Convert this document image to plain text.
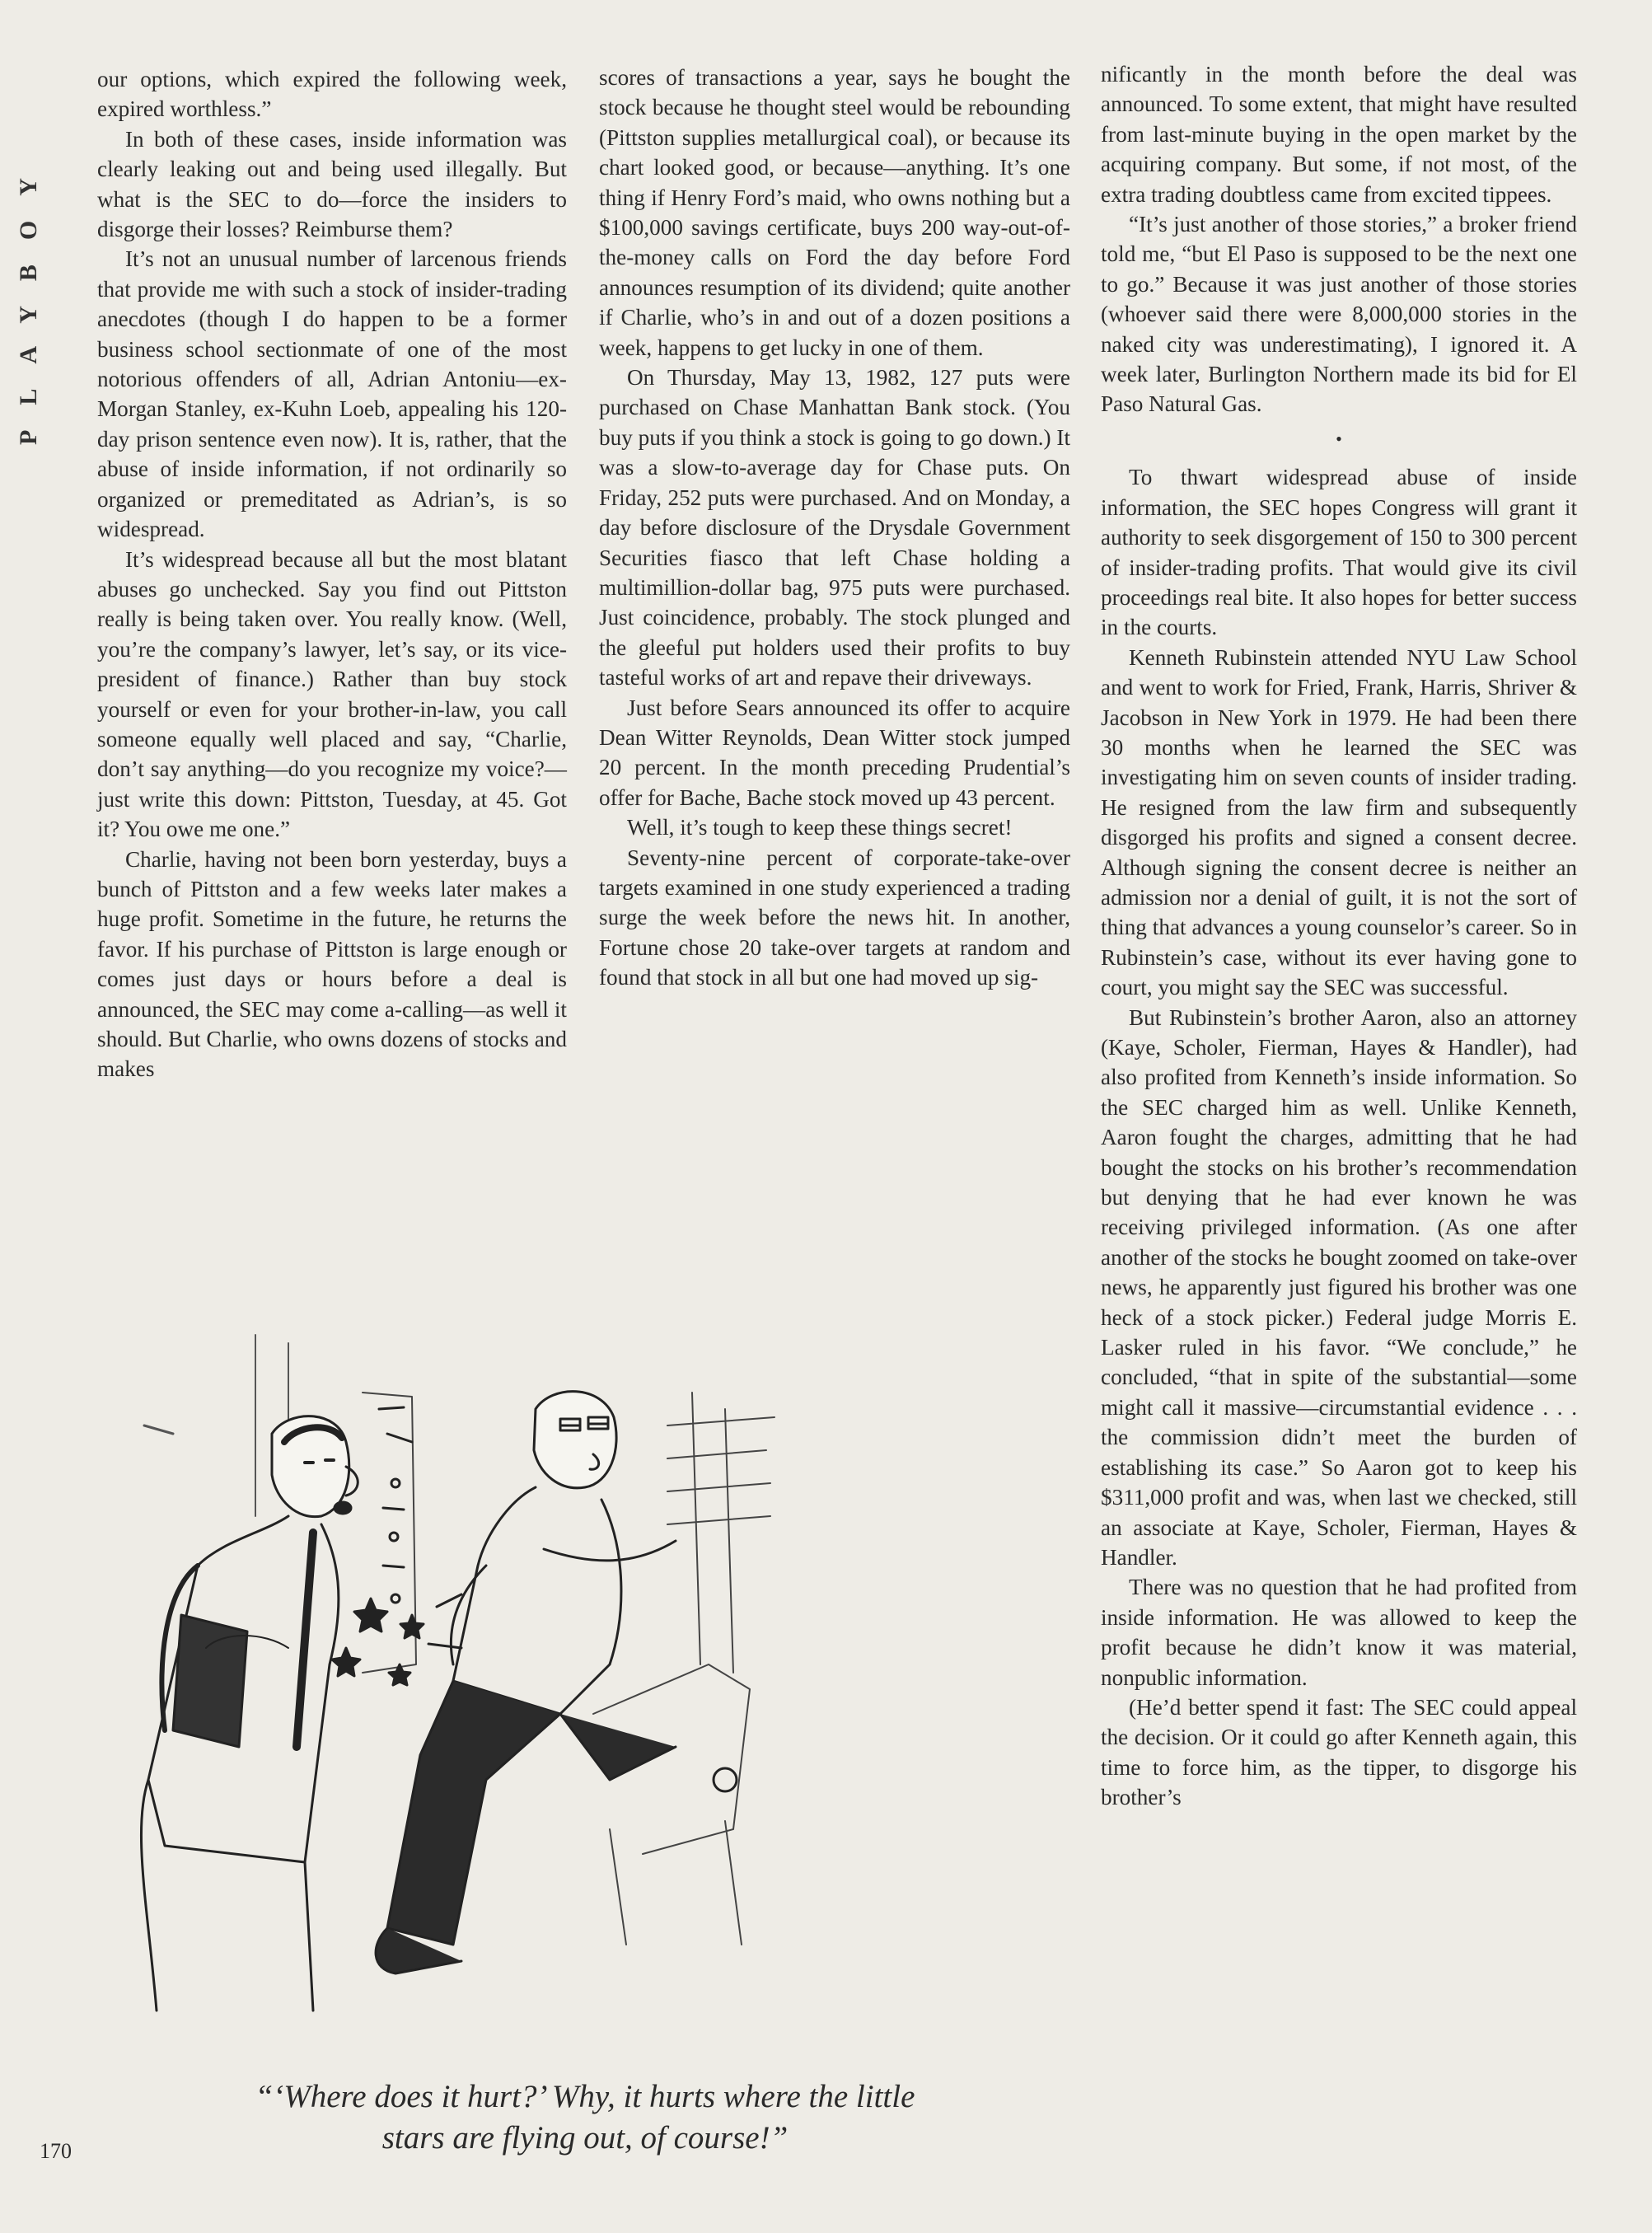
PLAYBOY

our options, which expired the following week, expired worthless.”

In both of these cases, inside information was clearly leaking out and being used illegally. But what is the SEC to do—force the insiders to disgorge their losses? Reimburse them?

It’s not an unusual number of larcenous friends that provide me with such a stock of insider-trading anecdotes (though I do happen to be a former business school sectionmate of one of the most notorious offenders of all, Adrian Antoniu—ex-Morgan Stanley, ex-Kuhn Loeb, appealing his 120-day prison sentence even now). It is, rather, that the abuse of inside information, if not ordinarily so organized or premeditated as Adrian’s, is so widespread.

It’s widespread because all but the most blatant abuses go unchecked. Say you find out Pittston really is being taken over. You really know. (Well, you’re the company’s lawyer, let’s say, or its vice-president of finance.) Rather than buy stock yourself or even for your brother-in-law, you call someone equally well placed and say, “Charlie, don’t say anything—do you recognize my voice?—just write this down: Pittston, Tuesday, at 45. Got it? You owe me one.”

Charlie, having not been born yesterday, buys a bunch of Pittston and a few weeks later makes a huge profit. Sometime in the future, he returns the favor. If his purchase of Pittston is large enough or comes just days or hours before a deal is announced, the SEC may come a-calling—as well it should. But Charlie, who owns dozens of stocks and makes

scores of transactions a year, says he bought the stock because he thought steel would be rebounding (Pittston supplies metallurgical coal), or because its chart looked good, or because—anything. It’s one thing if Henry Ford’s maid, who owns nothing but a $100,000 savings certificate, buys 200 way-out-of-the-money calls on Ford the day before Ford announces resumption of its dividend; quite another if Charlie, who’s in and out of a dozen positions a week, happens to get lucky in one of them.

On Thursday, May 13, 1982, 127 puts were purchased on Chase Manhattan Bank stock. (You buy puts if you think a stock is going to go down.) It was a slow-to-average day for Chase puts. On Friday, 252 puts were purchased. And on Monday, a day before disclosure of the Drysdale Government Securities fiasco that left Chase holding a multimillion-dollar bag, 975 puts were purchased. Just coincidence, probably. The stock plunged and the gleeful put holders used their profits to buy tasteful works of art and repave their driveways.

Just before Sears announced its offer to acquire Dean Witter Reynolds, Dean Witter stock jumped 20 percent. In the month preceding Prudential’s offer for Bache, Bache stock moved up 43 percent.

Well, it’s tough to keep these things secret!

Seventy-nine percent of corporate-take-over targets examined in one study experienced a trading surge the week before the news hit. In another, Fortune chose 20 take-over targets at random and found that stock in all but one had moved up sig-

nificantly in the month before the deal was announced. To some extent, that might have resulted from last-minute buying in the open market by the acquiring company. But some, if not most, of the extra trading doubtless came from excited tippees.

“It’s just another of those stories,” a broker friend told me, “but El Paso is supposed to be the next one to go.” Because it was just another of those stories (whoever said there were 8,000,000 stories in the naked city was underestimating), I ignored it. A week later, Burlington Northern made its bid for El Paso Natural Gas.

•

To thwart widespread abuse of inside information, the SEC hopes Congress will grant it authority to seek disgorgement of 150 to 300 percent of insider-trading profits. That would give its civil proceedings real bite. It also hopes for better success in the courts.

Kenneth Rubinstein attended NYU Law School and went to work for Fried, Frank, Harris, Shriver & Jacobson in New York in 1979. He had been there 30 months when he learned the SEC was investigating him on seven counts of insider trading. He resigned from the law firm and subsequently disgorged his profits and signed a consent decree. Although signing the consent decree is neither an admission nor a denial of guilt, it is not the sort of thing that advances a young counselor’s career. So in Rubinstein’s case, without its ever having gone to court, you might say the SEC was successful.

But Rubinstein’s brother Aaron, also an attorney (Kaye, Scholer, Fierman, Hayes & Handler), had also profited from Kenneth’s inside information. So the SEC charged him as well. Unlike Kenneth, Aaron fought the charges, admitting that he had bought the stocks on his brother’s recommendation but denying that he had ever known he was receiving privileged information. (As one after another of the stocks he bought zoomed on take-over news, he apparently just figured his brother was one heck of a stock picker.) Federal judge Morris E. Lasker ruled in his favor. “We conclude,” he concluded, “that in spite of the substantial—some might call it massive—circumstantial evidence . . . the commission didn’t meet the burden of establishing its case.” So Aaron got to keep his $311,000 profit and was, when last we checked, still an associate at Kaye, Scholer, Fierman, Hayes & Handler.

There was no question that he had profited from inside information. He was allowed to keep the profit because he didn’t know it was material, nonpublic information.

(He’d better spend it fast: The SEC could appeal the decision. Or it could go after Kenneth again, this time to force him, as the tipper, to disgorge his brother’s

“‘Where does it hurt?’ Why, it hurts where the little
stars are flying out, of course!”
170
